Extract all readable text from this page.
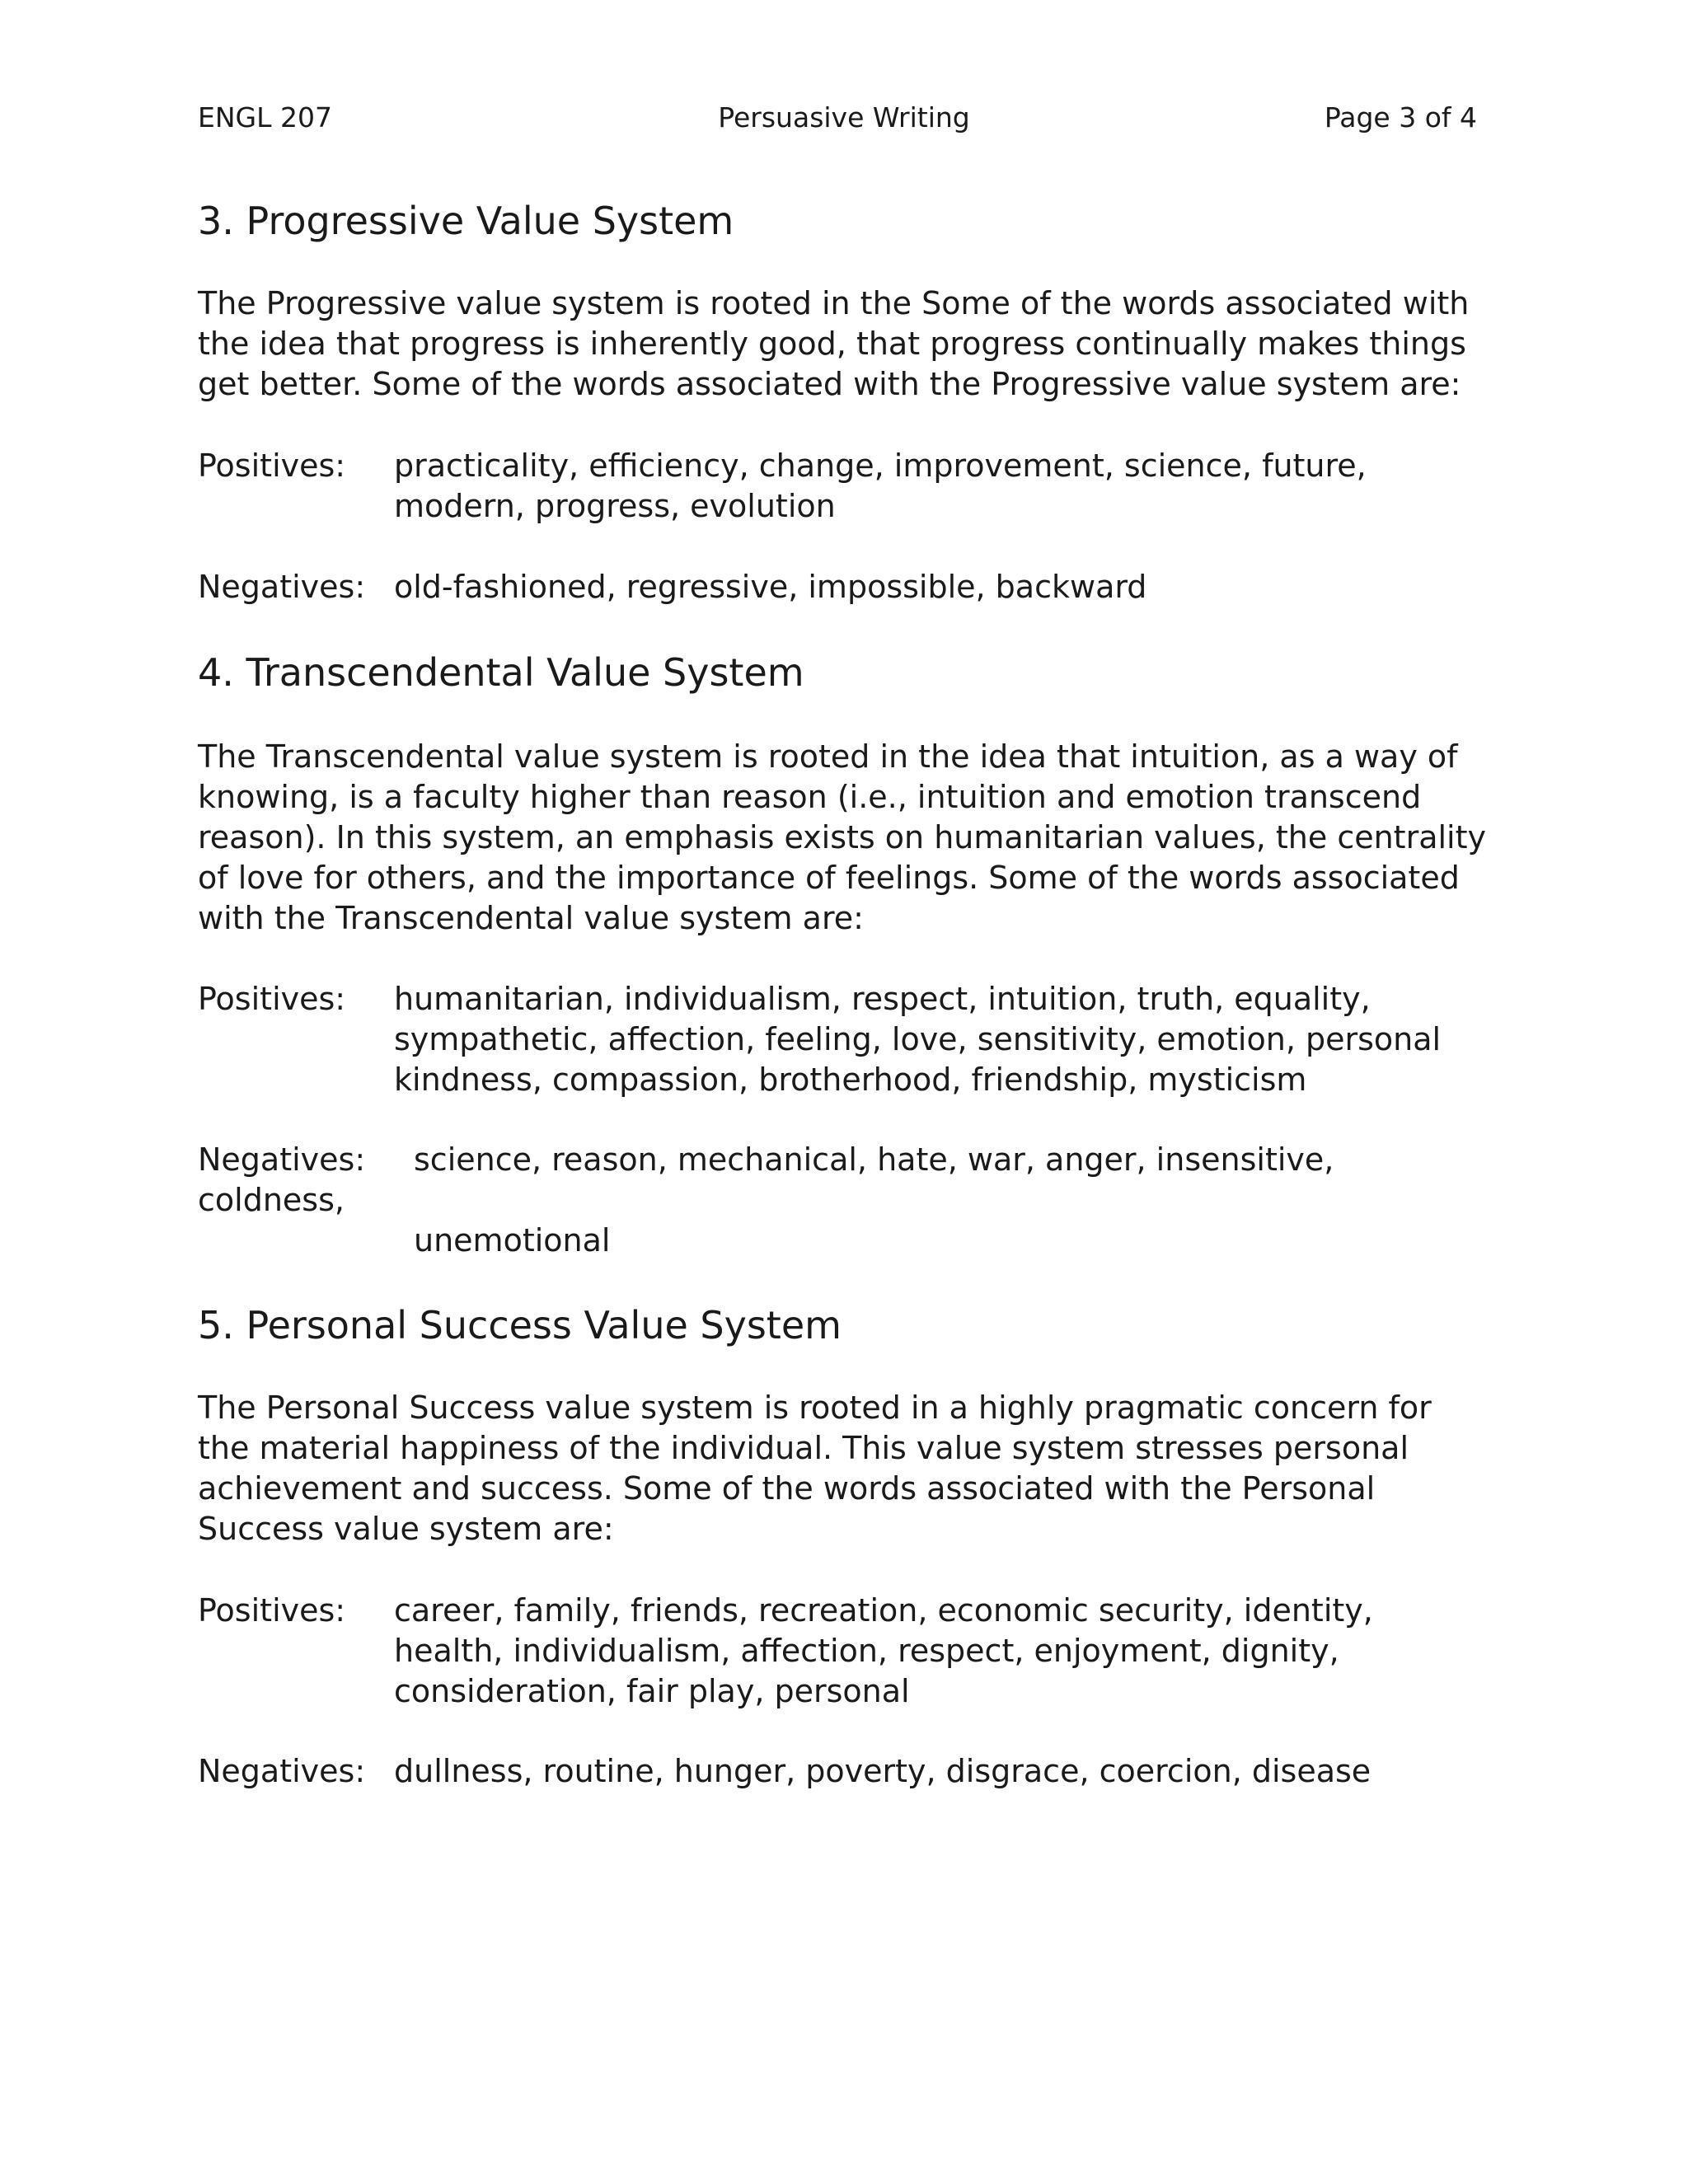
ENGL 207	Persuasive Writing	Page 3 of 4
3. Progressive Value System
The Progressive value system is rooted in the Some of the words associated with
the idea that progress is inherently good, that progress continually makes things
get better. Some of the words associated with the Progressive value system are:
Positives: practicality, efficiency, change, improvement, science, future,
modern, progress, evolution
Negatives: old-fashioned, regressive, impossible, backward
4. Transcendental Value System
The Transcendental value system is rooted in the idea that intuition, as a way of
knowing, is a faculty higher than reason (i.e., intuition and emotion transcend
reason). In this system, an emphasis exists on humanitarian values, the centrality
of love for others, and the importance of feelings. Some of the words associated
with the Transcendental value system are:
Positives: humanitarian, individualism, respect, intuition, truth, equality,
sympathetic, affection, feeling, love, sensitivity, emotion, personal
kindness, compassion, brotherhood, friendship, mysticism
Negatives:
coldness,
science, reason, mechanical, hate, war, anger, insensitive,
unemotional
5. Personal Success Value System
The Personal Success value system is rooted in a highly pragmatic concern for
the material happiness of the individual. This value system stresses personal
achievement and success. Some of the words associated with the Personal
Success value system are:
Positives: career, family, friends, recreation, economic security, identity,
health, individualism, affection, respect, enjoyment, dignity,
consideration, fair play, personal
Negatives: dullness, routine, hunger, poverty, disgrace, coercion, disease
